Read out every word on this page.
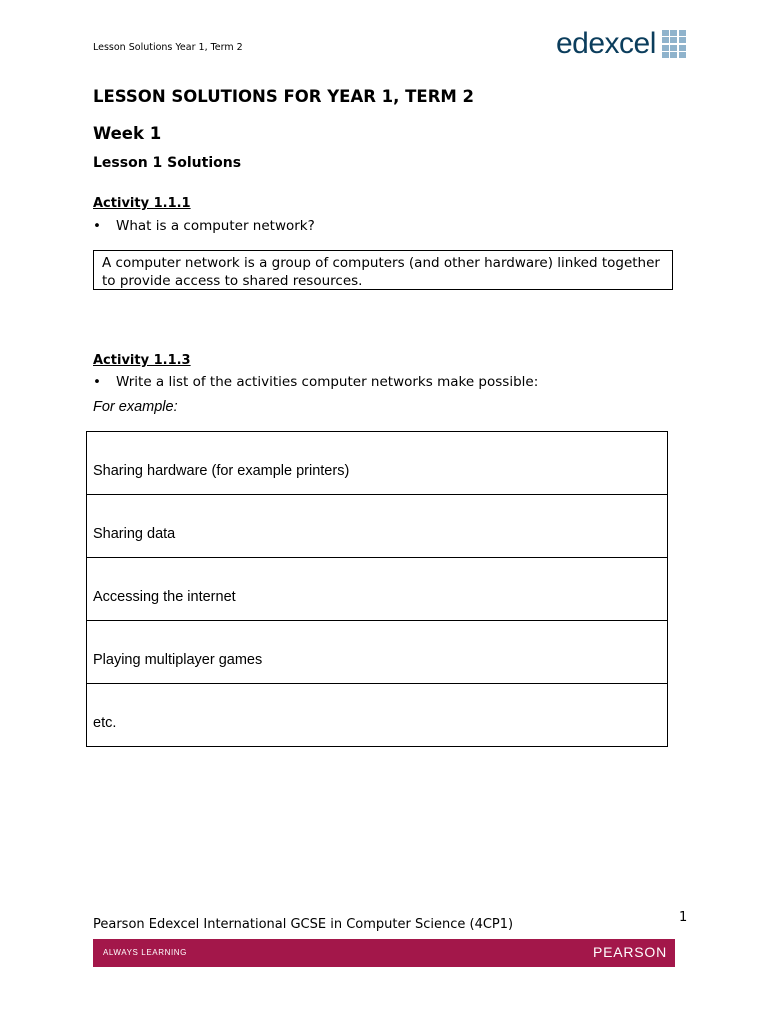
Lesson Solutions Year 1, Term 2	edexcel
LESSON SOLUTIONS FOR YEAR 1, TERM 2
Week 1
Lesson 1 Solutions
Activity 1.1.1
•	What is a computer network?
A computer network is a group of computers (and other hardware) linked together to provide access to shared resources.
Activity 1.1.3
•	Write a list of the activities computer networks make possible:
For example:
Sharing hardware (for example printers)
Sharing data
Accessing the internet
Playing multiplayer games
etc.
1
Pearson Edexcel International GCSE in Computer Science (4CP1)
ALWAYS LEARNING	PEARSON
